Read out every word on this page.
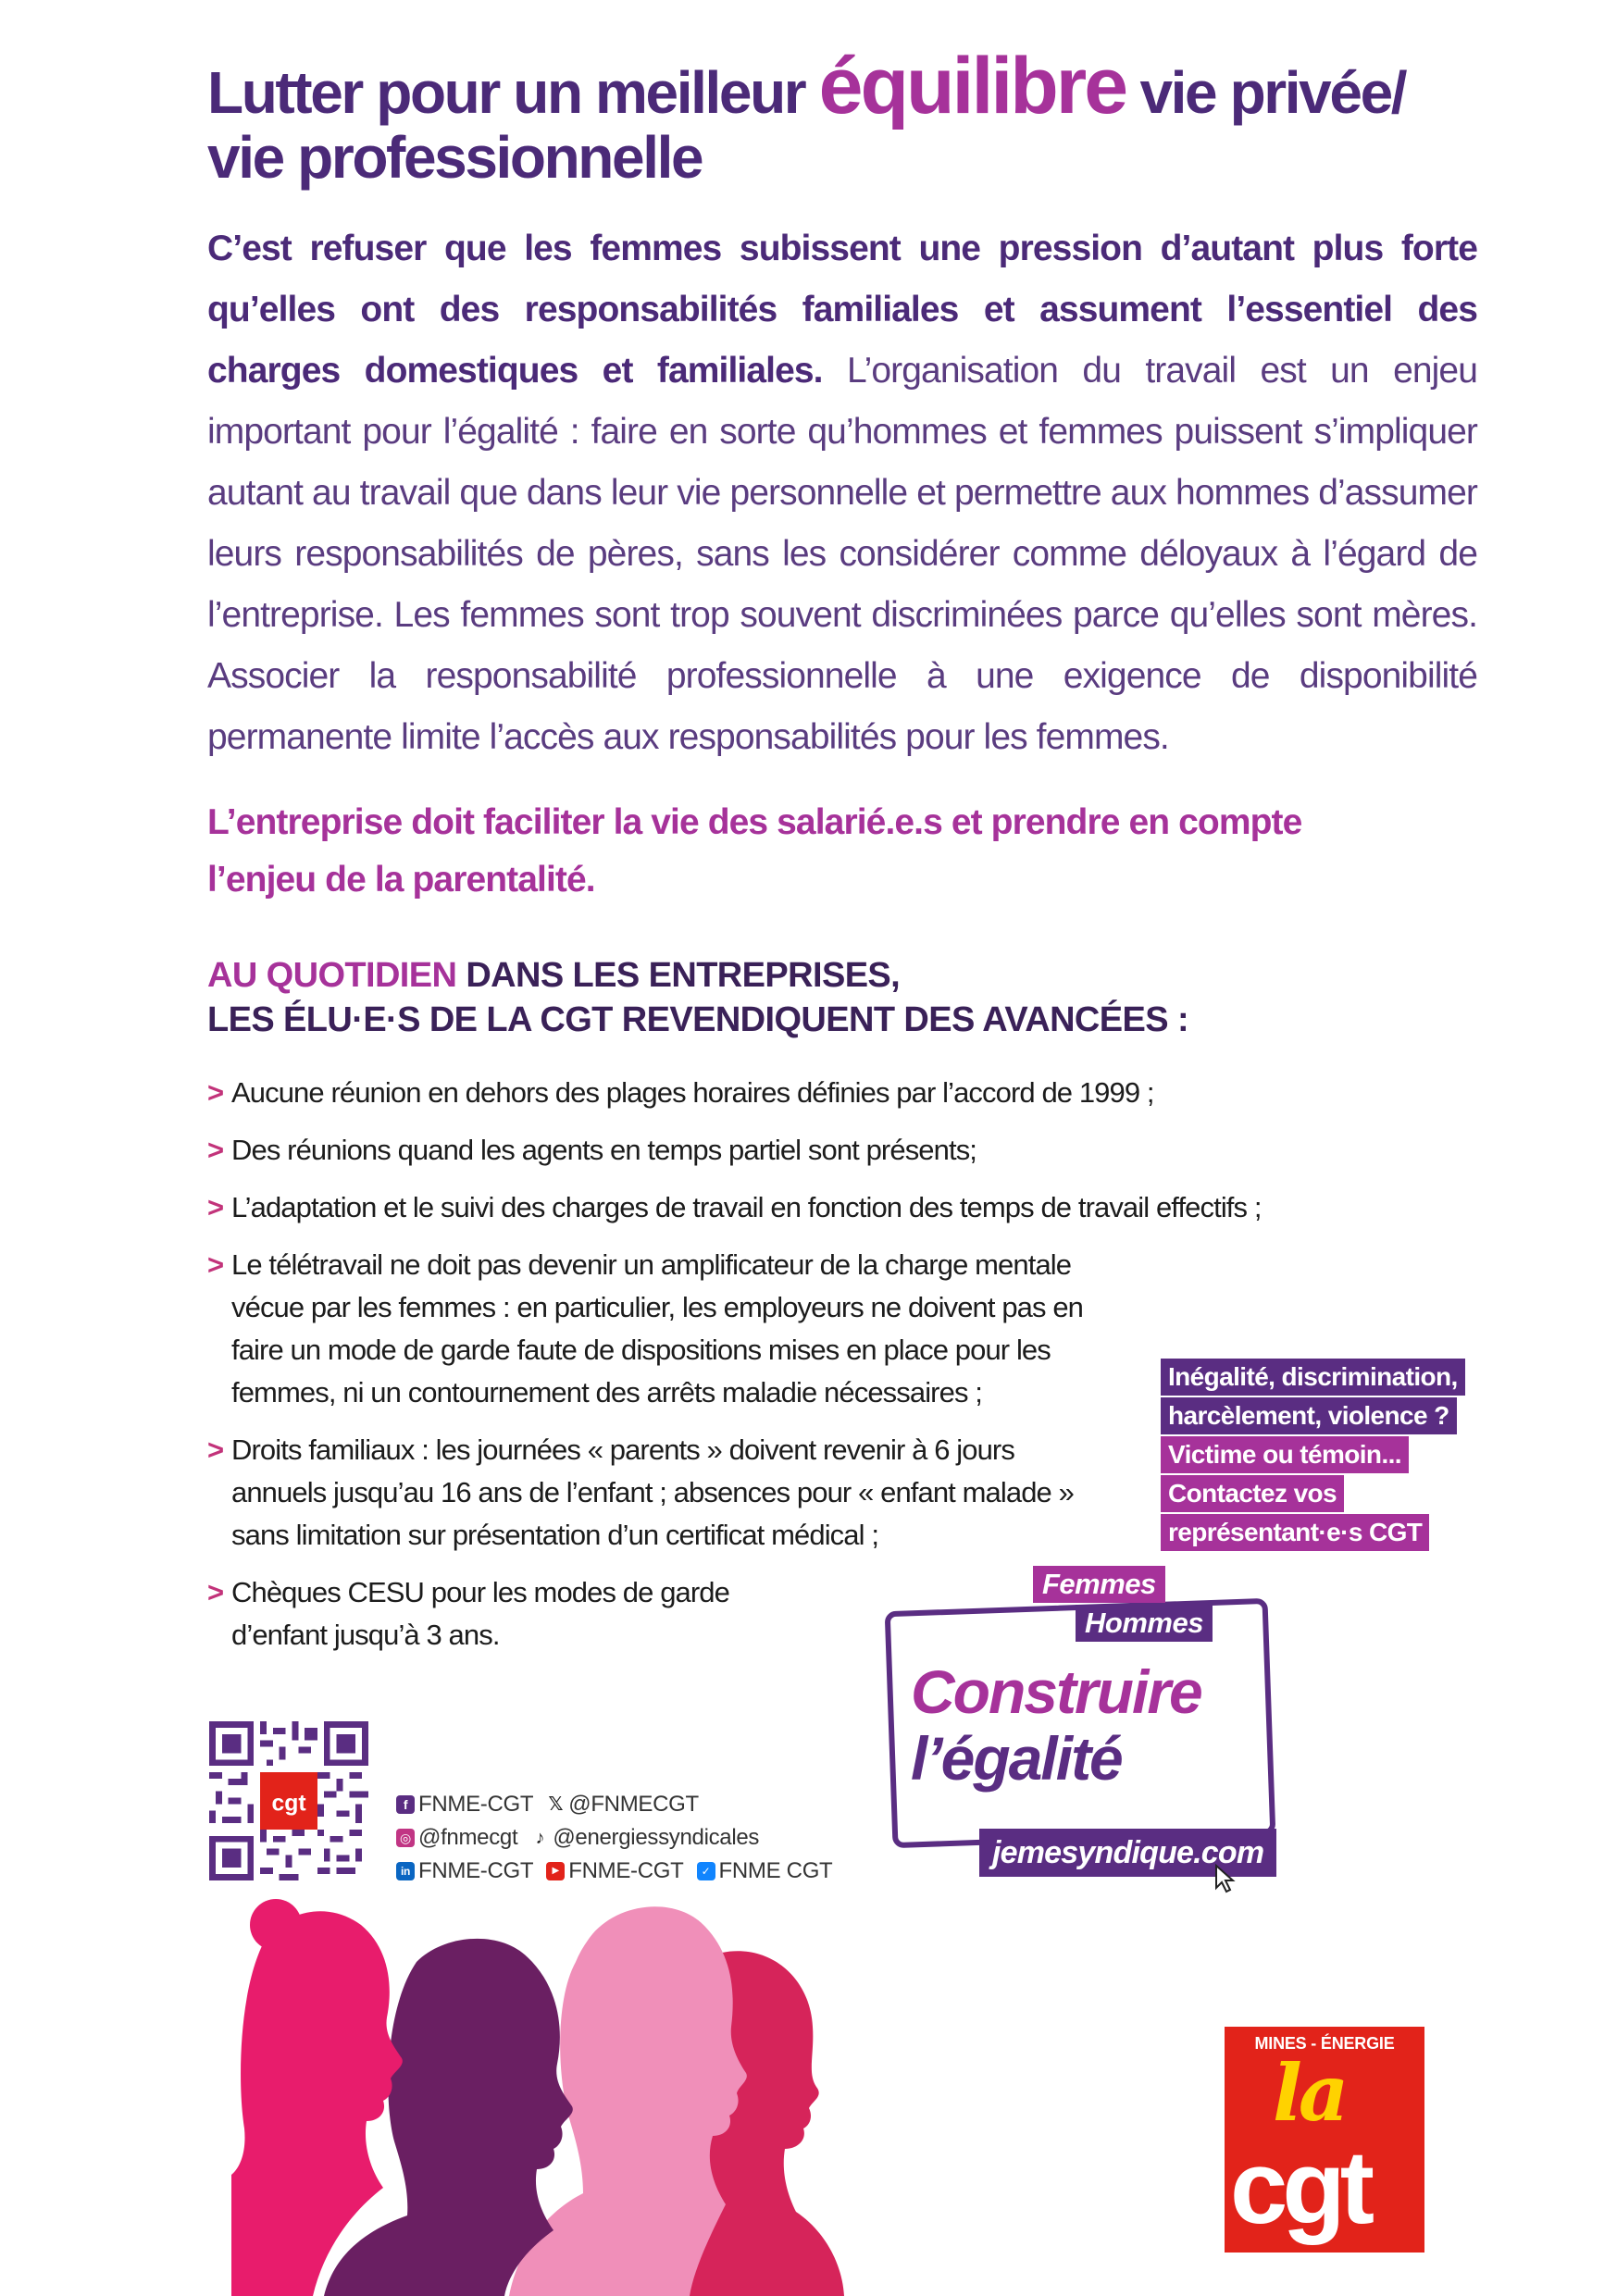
Lutter pour un meilleur équilibre vie privée/
vie professionnelle

C’est refuser que les femmes subissent une pression d’autant plus forte qu’elles ont des responsabilités familiales et assument l’essentiel des charges domestiques et familiales. L’organisation du travail est un enjeu important pour l’égalité : faire en sorte qu’hommes et femmes puissent s’impliquer autant au travail que dans leur vie personnelle et permettre aux hommes d’assumer leurs responsabilités de pères, sans les considérer comme déloyaux à l’égard de l’entreprise. Les femmes sont trop souvent discriminées parce qu’elles sont mères. Associer la responsabilité professionnelle à une exigence de disponibilité permanente limite l’accès aux responsabilités pour les femmes.

L’entreprise doit faciliter la vie des salarié.e.s et prendre en compte
l’enjeu de la parentalité.

AU QUOTIDIEN DANS LES ENTREPRISES,
LES ÉLU·E·S DE LA CGT REVENDIQUENT DES AVANCÉES :
> Aucune réunion en dehors des plages horaires définies par l’accord de 1999 ;
> Des réunions quand les agents en temps partiel sont présents;
> L’adaptation et le suivi des charges de travail en fonction des temps de travail effectifs ;
> Le télétravail ne doit pas devenir un amplificateur de la charge mentale vécue par les femmes : en particulier, les employeurs ne doivent pas en faire un mode de garde faute de dispositions mises en place pour les femmes, ni un contournement des arrêts maladie nécessaires ;
> Droits familiaux : les journées « parents » doivent revenir à 6 jours annuels jusqu’au 16 ans de l’enfant ; absences pour « enfant malade » sans limitation sur présentation d’un certificat médical ;
> Chèques CESU pour les modes de garde d’enfant jusqu’à 3 ans.
Inégalité, discrimination,
harcèlement, violence ?
Victime ou témoin...
Contactez vos
représentant·e·s CGT
Femmes
Hommes

Construire
l’égalité

jemesyndique.com
cgt	f FNME-CGT 𝕏 @FNMECGT
◎ @fnmecgt ♪ @energiessyndicales
in FNME-CGT	▶ FNME-CGT	✓ FNME CGT
MINES - ÉNERGIE
la
cgt
